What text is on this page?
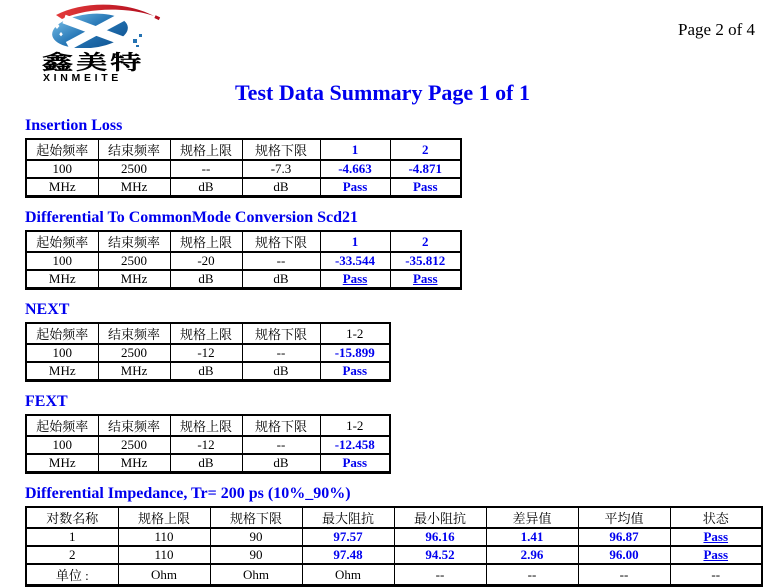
鑫美特
XINMEITE
Page 2 of 4
Test Data Summary Page 1 of 1
Insertion Loss
起始频率	结束频率	规格上限	规格下限	1	2
100	2500	--	-7.3	-4.663	-4.871
MHz	MHz	dB	dB	Pass	Pass
Differential To CommonMode Conversion Scd21
起始频率	结束频率	规格上限	规格下限	1	2
100	2500	-20	--	-33.544	-35.812
MHz	MHz	dB	dB	Pass	Pass
NEXT
起始频率	结束频率	规格上限	规格下限	1-2
100	2500	-12	--	-15.899
MHz	MHz	dB	dB	Pass
FEXT
起始频率	结束频率	规格上限	规格下限	1-2
100	2500	-12	--	-12.458
MHz	MHz	dB	dB	Pass
Differential Impedance, Tr= 200 ps (10%_90%)
对数名称	规格上限	规格下限	最大阻抗	最小阻抗	差异值	平均值	状态
1	110	90	97.57	96.16	1.41	96.87	Pass
2	110	90	97.48	94.52	2.96	96.00	Pass
单位 :	Ohm	Ohm	Ohm	--	--	--	--
